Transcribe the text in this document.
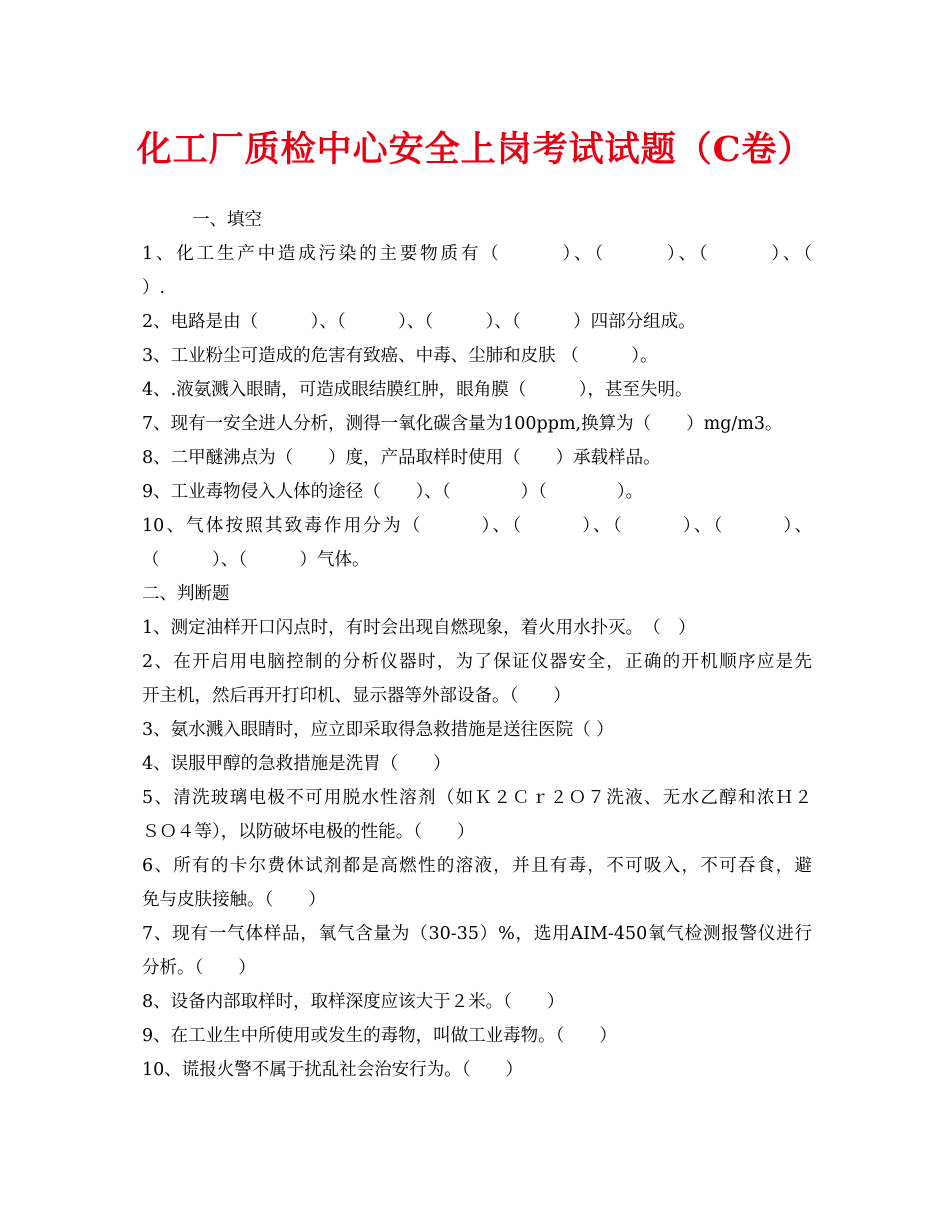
化工厂质检中心安全上岗考试试题（C卷）
一、填空
1、化工生产中造成污染的主要物质有（　　　）、（　　　）、（　　　）、（
）.
2、电路是由（　　　）、（　　　）、（　　　）、（　　　）四部分组成。
3、工业粉尘可造成的危害有致癌、中毒、尘肺和皮肤 （　　　）。
4、.液氨溅入眼睛，可造成眼结膜红肿，眼角膜（　　　），甚至失明。
7、现有一安全进人分析，测得一氧化碳含量为100ppm,换算为（　　）mg/m3。
8、二甲醚沸点为（　　）度，产品取样时使用（　　）承载样品。
9、工业毒物侵入人体的途径（　　）、（　　　　）（　　　　）。
10、气体按照其致毒作用分为（　　　）、（　　　）、（　　　）、（　　　）、
（　　　）、（　　　）气体。
二、判断题
1、测定油样开口闪点时，有时会出现自燃现象，着火用水扑灭。　（　）
2、在开启用电脑控制的分析仪器时，为了保证仪器安全，正确的开机顺序应是先
开主机，然后再开打印机、显示器等外部设备。（　　）
3、氨水溅入眼睛时，应立即采取得急救措施是送往医院（ ）
4、误服甲醇的急救措施是洗胃（　　）
5、清洗玻璃电极不可用脱水性溶剂（如Ｋ２Ｃｒ２Ｏ７洗液、无水乙醇和浓Ｈ２
ＳＯ４等），以防破坏电极的性能。（　　）
6、所有的卡尔费休试剂都是高燃性的溶液，并且有毒，不可吸入，不可吞食，避
免与皮肤接触。（　　）
7、现有一气体样品，氧气含量为（30-35）%，选用AIM-450氧气检测报警仪进行
分析。（　　）
8、设备内部取样时，取样深度应该大于２米。（　　）
9、在工业生中所使用或发生的毒物，叫做工业毒物。（　　）
10、谎报火警不属于扰乱社会治安行为。（　　）
